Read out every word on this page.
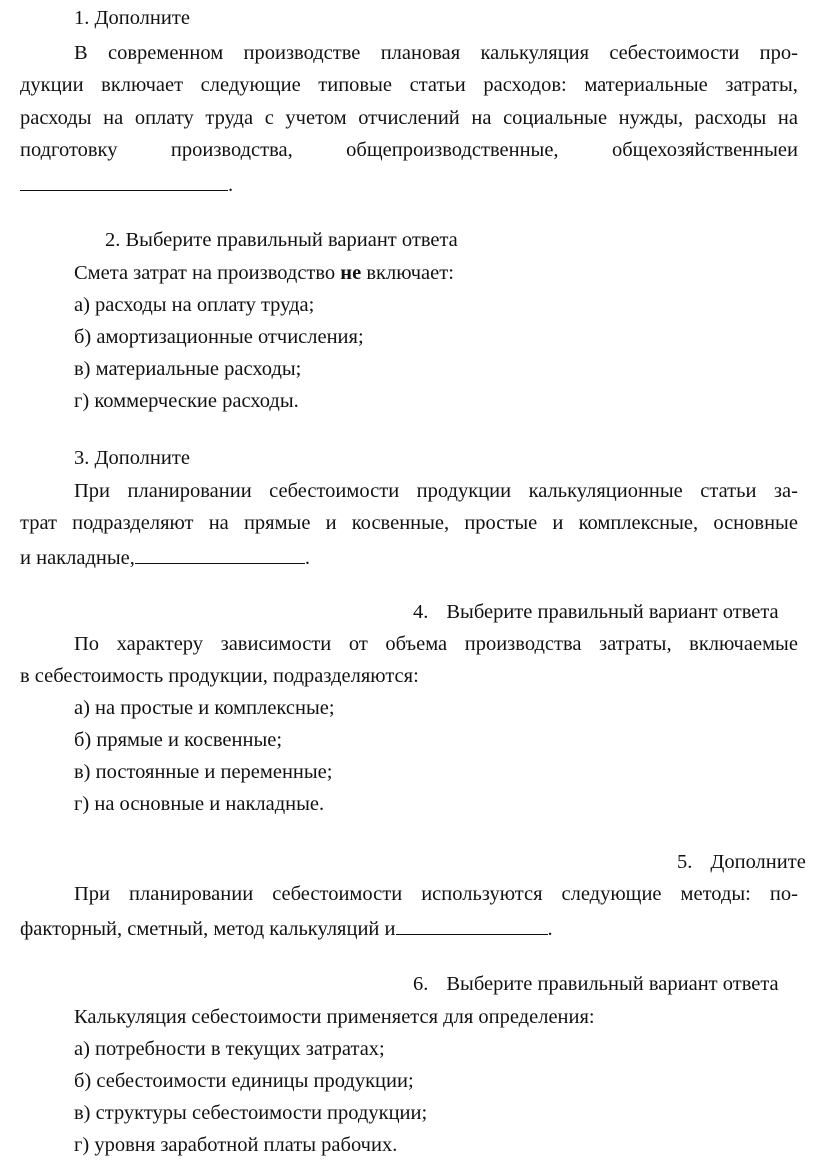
1. Дополните
В современном производстве плановая калькуляция себестоимости про-
дукции включает следующие типовые статьи расходов: материальные затраты,
расходы на оплату труда с учетом отчислений на социальные нужды, расходы на
подготовку	производства,	общепроизводственные,	общехозяйственныеи
.
2. Выберите правильный вариант ответа
Смета затрат на производство не включает:
а) расходы на оплату труда;
б) амортизационные отчисления;
в) материальные расходы;
г) коммерческие расходы.
3. Дополните
При планировании себестоимости продукции калькуляционные статьи за-
трат подразделяют на прямые и косвенные, простые и комплексные, основные
и накладные,	.
4. Выберите правильный вариант ответа
По характеру зависимости от объема производства затраты, включаемые
в себестоимость продукции, подразделяются:
а) на простые и комплексные;
б) прямые и косвенные;
в) постоянные и переменные;
г) на основные и накладные.
5. Дополните
При планировании себестоимости используются следующие методы: по-
факторный, сметный, метод калькуляций и	.
6. Выберите правильный вариант ответа
Калькуляция себестоимости применяется для определения:
а) потребности в текущих затратах;
б) себестоимости единицы продукции;
в) структуры себестоимости продукции;
г) уровня заработной платы рабочих.
